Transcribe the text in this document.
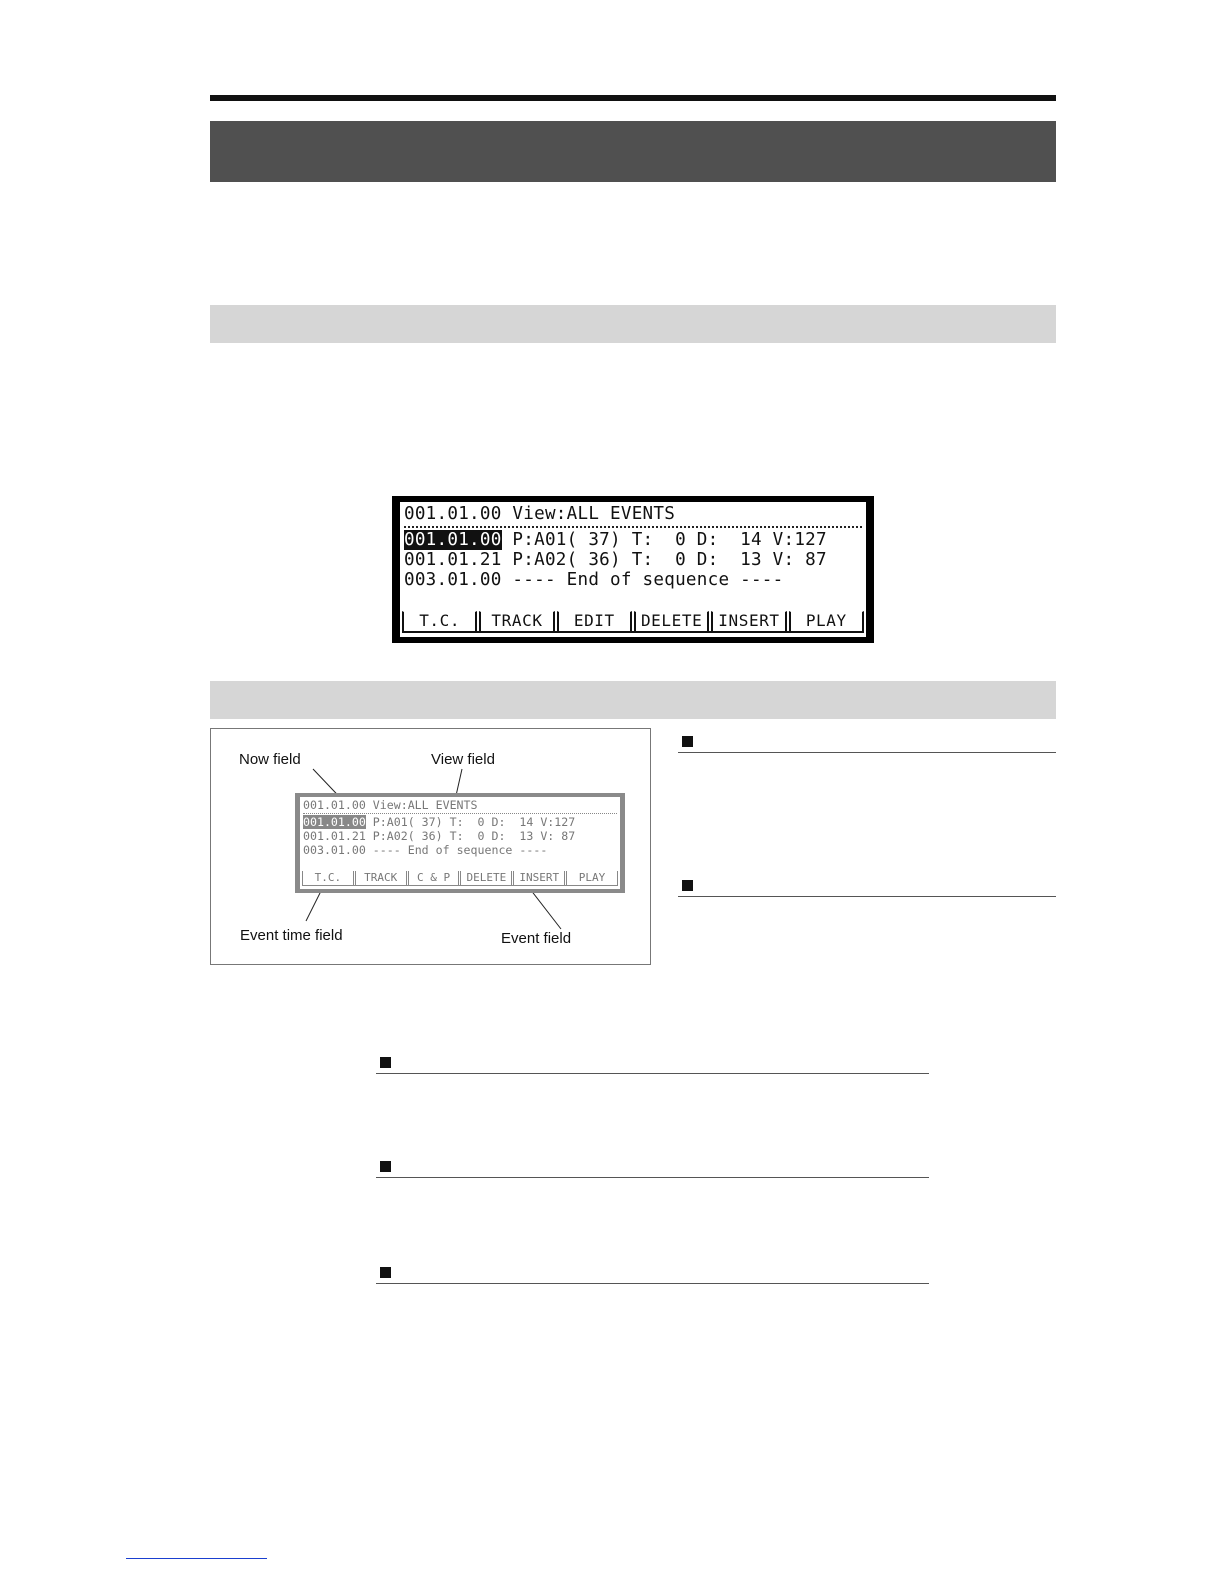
001.01.00 View:ALL EVENTS
001.01.00 P:A01( 37) T:  0 D:  14 V:127
001.01.21 P:A02( 36) T:  0 D:  13 V: 87
003.01.00 ---- End of sequence ----
T.C.	TRACK	EDIT	DELETE INSERT	PLAY
Now field	View field
Event time field	Event field
001.01.00 View:ALL EVENTS
001.01.00 P:A01( 37) T:  0 D:  14 V:127
001.01.21 P:A02( 36) T:  0 D:  13 V: 87
003.01.00 ---- End of sequence ----
T.C.	TRACK	C & P	DELETE	INSERT	PLAY
